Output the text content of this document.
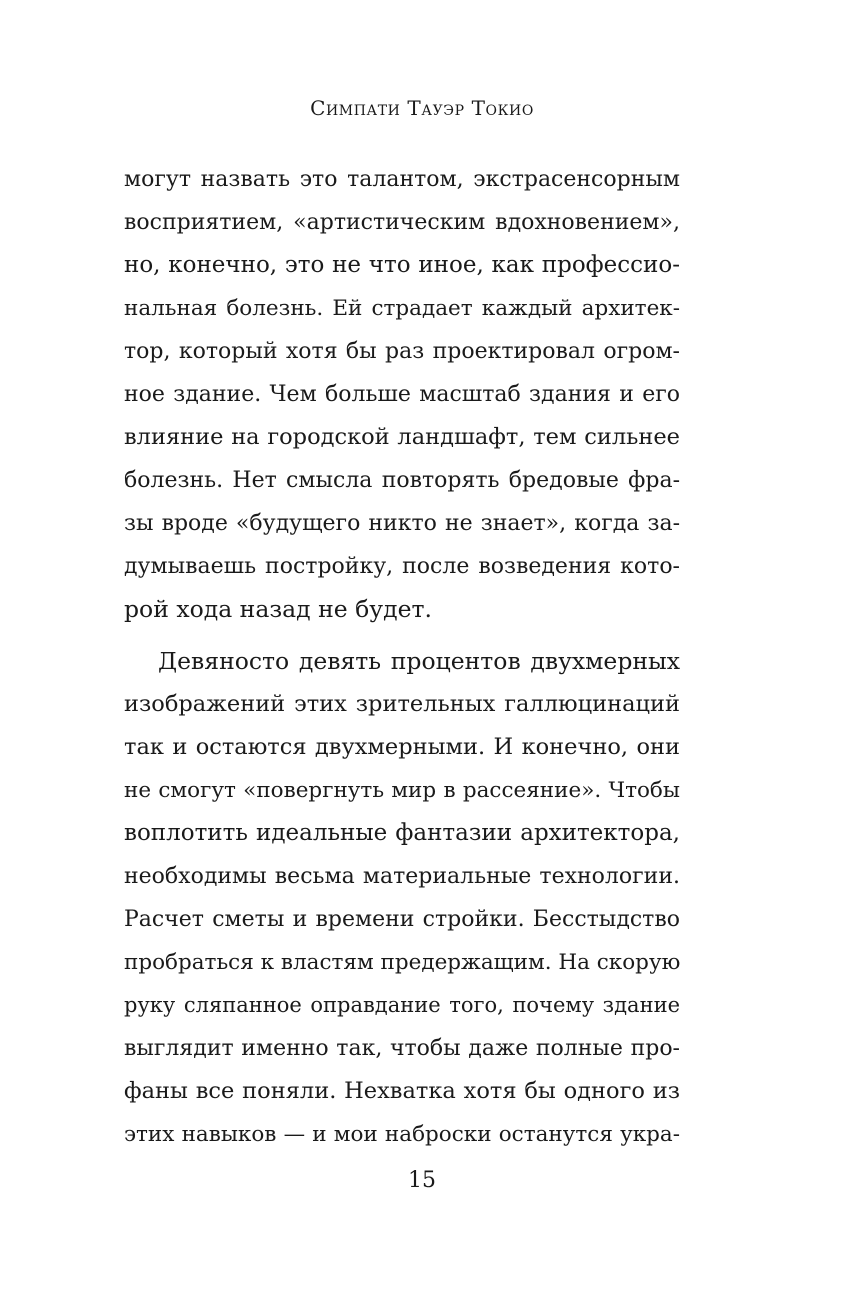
Симпати Тауэр Токио
могут назвать это талантом, экстрасенсорным
восприятием, «артистическим вдохновением»,
но, конечно, это не что иное, как профессио-
нальная болезнь. Ей страдает каждый архитек-
тор, который хотя бы раз проектировал огром-
ное здание. Чем больше масштаб здания и его
влияние на городской ландшафт, тем сильнее
болезнь. Нет смысла повторять бредовые фра-
зы вроде «будущего никто не знает», когда за-
думываешь постройку, после возведения кото-
рой хода назад не будет.
Девяносто девять процентов двухмерных
изображений этих зрительных галлюцинаций
так и остаются двухмерными. И конечно, они
не смогут «повергнуть мир в рассеяние». Чтобы
воплотить идеальные фантазии архитектора,
необходимы весьма материальные технологии.
Расчет сметы и времени стройки. Бесстыдство
пробраться к властям предержащим. На скорую
руку сляпанное оправдание того, почему здание
выглядит именно так, чтобы даже полные про-
фаны все поняли. Нехватка хотя бы одного из
этих навыков — и мои наброски останутся укра-
15
